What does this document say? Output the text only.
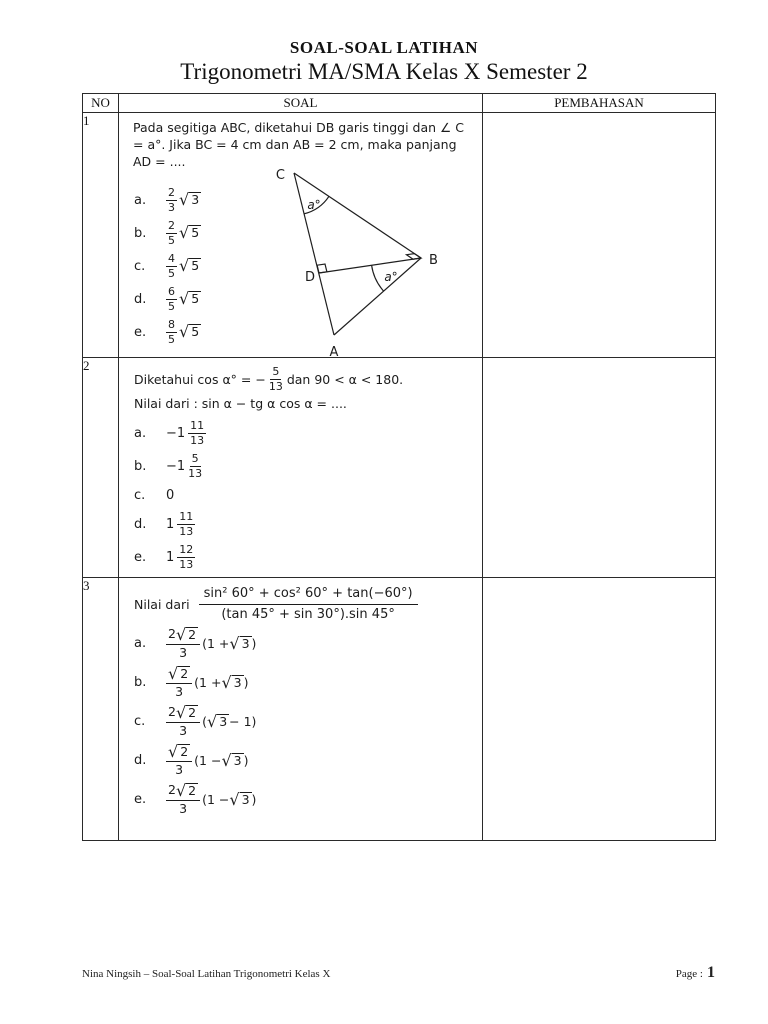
SOAL-SOAL LATIHAN
Trigonometri MA/SMA Kelas X Semester 2
NO	SOAL	PEMBAHASAN
1	Pada segitiga ABC, diketahui DB garis tinggi dan ∠ C = a°. Jika BC = 4 cm dan AB = 2 cm, maka panjang AD = ....

a.	$\frac{2}{3}$ √ 3
b.	$\frac{2}{5}$ √ 5
c.	$\frac{4}{5}$ √ 5
d.	$\frac{6}{5}$ √ 5
e.	$\frac{8}{5}$ √ 5
C
B
A
D
a°
a°

2	
Diketahui cos α° = − $\frac{5}{13}$ dan 90 < α < 180.
Nilai dari : sin α − tg α cos α = ....
a.	$-1 \frac{11}{13}$
b.	$-1 \frac{5}{13}$
c.	0
d.	$1 \frac{11}{13}$
e.	$1 \frac{12}{13}$

3	
Nilai dari $\frac{\text{sin² 60° + cos² 60° + tan(−60°)}}{(\tan 45^\circ + \sin 30^\circ).\sin 45^\circ}$
a.	$\frac{2 √ 2}{3} (1$ + √ 3 )
b.	√ $\frac{2}{3} (1$ + √ 3 )
c.	$\frac{2 √ 2}{3}$ ( √ 3 − 1)
d.	√ $\frac{2}{3} (1$ − √ 3 )
e.	$\frac{2 √ 2}{3} (1$ − √ 3 )

Nina Ningsih – Soal-Soal Latihan Trigonometri Kelas X	Page : 1
